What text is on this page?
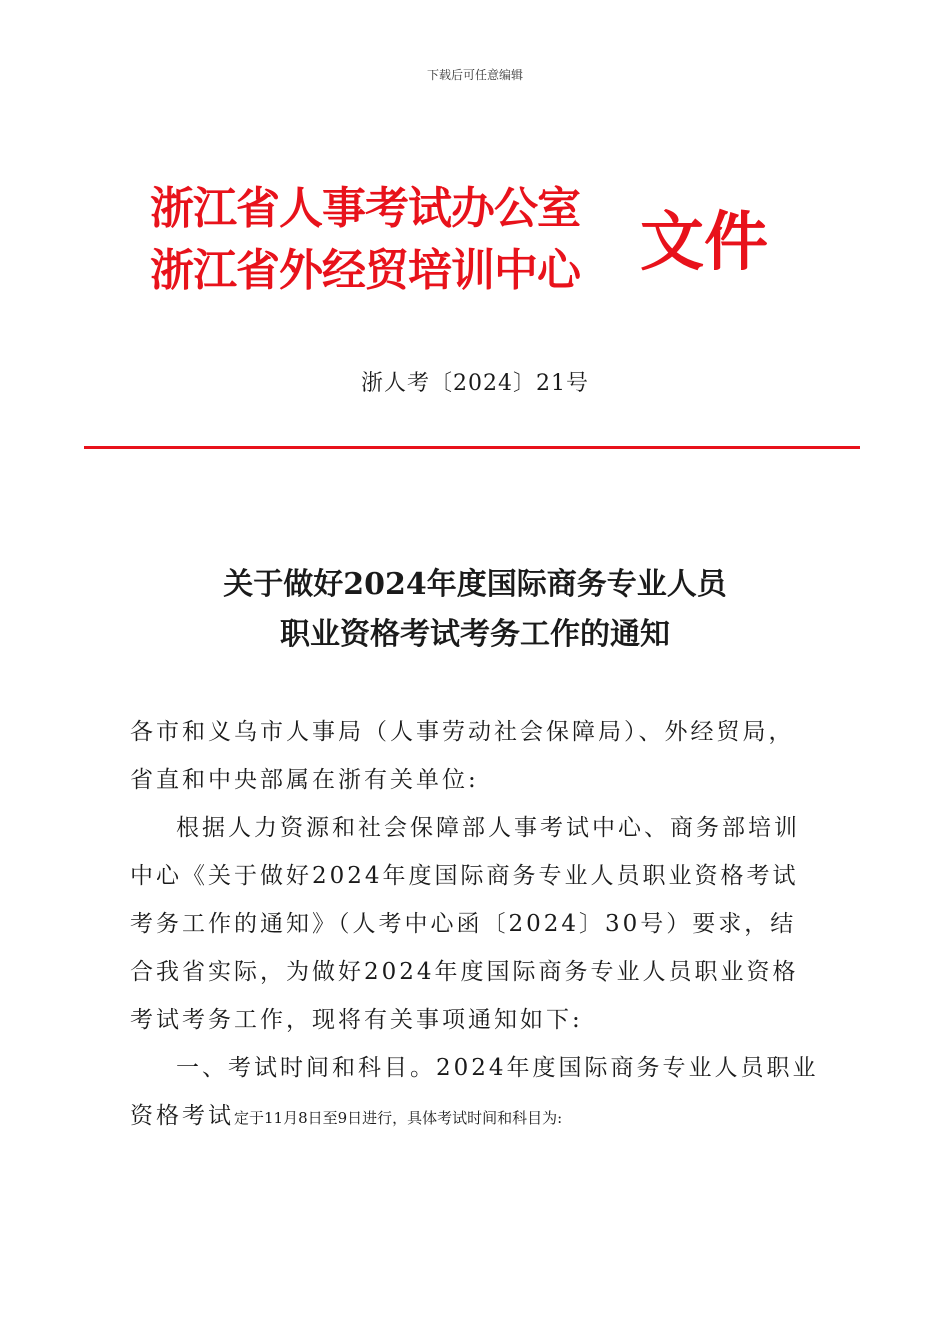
下载后可任意编辑
浙江省人事考试办公室
浙江省外经贸培训中心 文件
浙人考〔2024〕21号
关于做好2024年度国际商务专业人员
职业资格考试考务工作的通知

各市和义乌市人事局（人事劳动社会保障局）、外经贸局，省直和中央部属在浙有关单位:

根据人力资源和社会保障部人事考试中心、商务部培训中心《关于做好2024年度国际商务专业人员职业资格考试考务工作的通知》（人考中心函〔2024〕30号）要求，结合我省实际，为做好2024年度国际商务专业人员职业资格考试考务工作，现将有关事项通知如下:

一、考试时间和科目。2024年度国际商务专业人员职业资格考试定于11月8日至9日进行，具体考试时间和科目为:
